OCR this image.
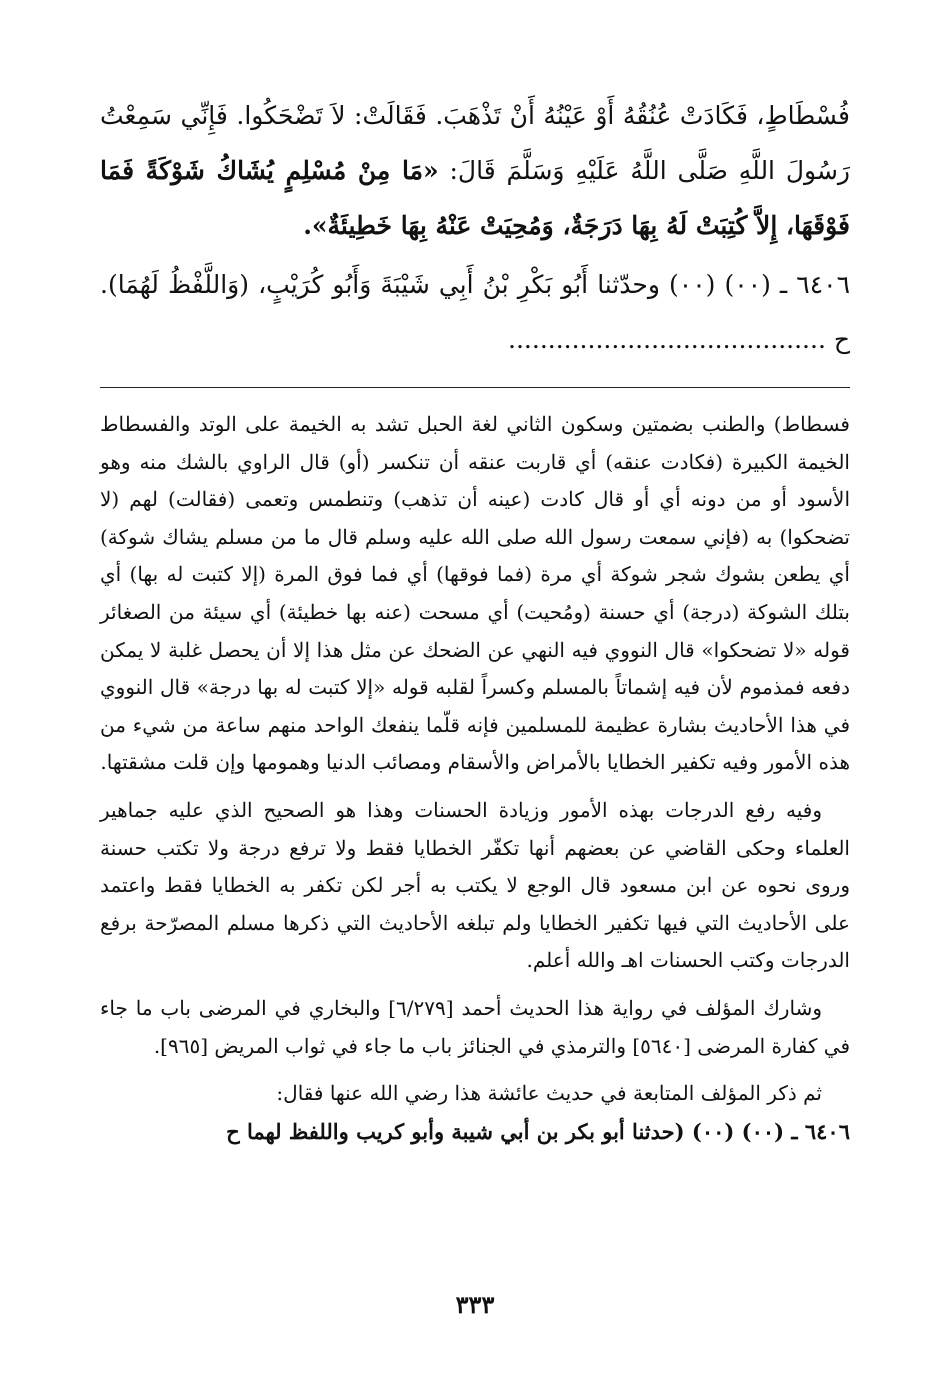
فُسْطَاطٍ، فَكَادَتْ عُنُقُهُ أَوْ عَيْنُهُ أَنْ تَذْهَبَ. فَقَالَتْ: لاَ تَضْحَكُوا. فَإِنِّي سَمِعْتُ رَسُولَ اللَّهِ صَلَّى اللَّهُ عَلَيْهِ وَسَلَّمَ قَالَ: «مَا مِنْ مُسْلِمٍ يُشَاكُ شَوْكَةً فَمَا فَوْقَهَا، إِلاَّ كُتِبَتْ لَهُ بِهَا دَرَجَةٌ، وَمُحِيَتْ عَنْهُ بِهَا خَطِيئَةٌ».

٦٤٠٦ ـ (٠٠) (٠٠) وحدّثنا أَبُو بَكْرِ بْنُ أَبِي شَيْبَةَ وَأَبُو كُرَيْبٍ، (وَاللَّفْظُ لَهُمَا). ح ........................................

فسطاط) والطنب بضمتين وسكون الثاني لغة الحبل تشد به الخيمة على الوتد والفسطاط الخيمة الكبيرة (فكادت عنقه) أي قاربت عنقه أن تنكسر (أو) قال الراوي بالشك منه وهو الأسود أو من دونه أي أو قال كادت (عينه أن تذهب) وتنطمس وتعمى (فقالت) لهم (لا تضحكوا) به (فإني سمعت رسول الله صلى الله عليه وسلم قال ما من مسلم يشاك شوكة) أي يطعن بشوك شجر شوكة أي مرة (فما فوقها) أي فما فوق المرة (إلا كتبت له بها) أي بتلك الشوكة (درجة) أي حسنة (ومُحيت) أي مسحت (عنه بها خطيئة) أي سيئة من الصغائر قوله «لا تضحكوا» قال النووي فيه النهي عن الضحك عن مثل هذا إلا أن يحصل غلبة لا يمكن دفعه فمذموم لأن فيه إشماتاً بالمسلم وكسراً لقلبه قوله «إلا كتبت له بها درجة» قال النووي في هذا الأحاديث بشارة عظيمة للمسلمين فإنه قلّما ينفعك الواحد منهم ساعة من شيء من هذه الأمور وفيه تكفير الخطايا بالأمراض والأسقام ومصائب الدنيا وهمومها وإن قلت مشقتها.

وفيه رفع الدرجات بهذه الأمور وزيادة الحسنات وهذا هو الصحيح الذي عليه جماهير العلماء وحكى القاضي عن بعضهم أنها تكفّر الخطايا فقط ولا ترفع درجة ولا تكتب حسنة وروى نحوه عن ابن مسعود قال الوجع لا يكتب به أجر لكن تكفر به الخطايا فقط واعتمد على الأحاديث التي فيها تكفير الخطايا ولم تبلغه الأحاديث التي ذكرها مسلم المصرّحة برفع الدرجات وكتب الحسنات اهـ والله أعلم.

وشارك المؤلف في رواية هذا الحديث أحمد [٦/٢٧٩] والبخاري في المرضى باب ما جاء في كفارة المرضى [٥٦٤٠] والترمذي في الجنائز باب ما جاء في ثواب المريض [٩٦٥].

ثم ذكر المؤلف المتابعة في حديث عائشة هذا رضي الله عنها فقال:

٦٤٠٦ ـ (٠٠) (٠٠) (حدثنا أبو بكر بن أبي شيبة وأبو كريب واللفظ لهما ح

٣٣٣
